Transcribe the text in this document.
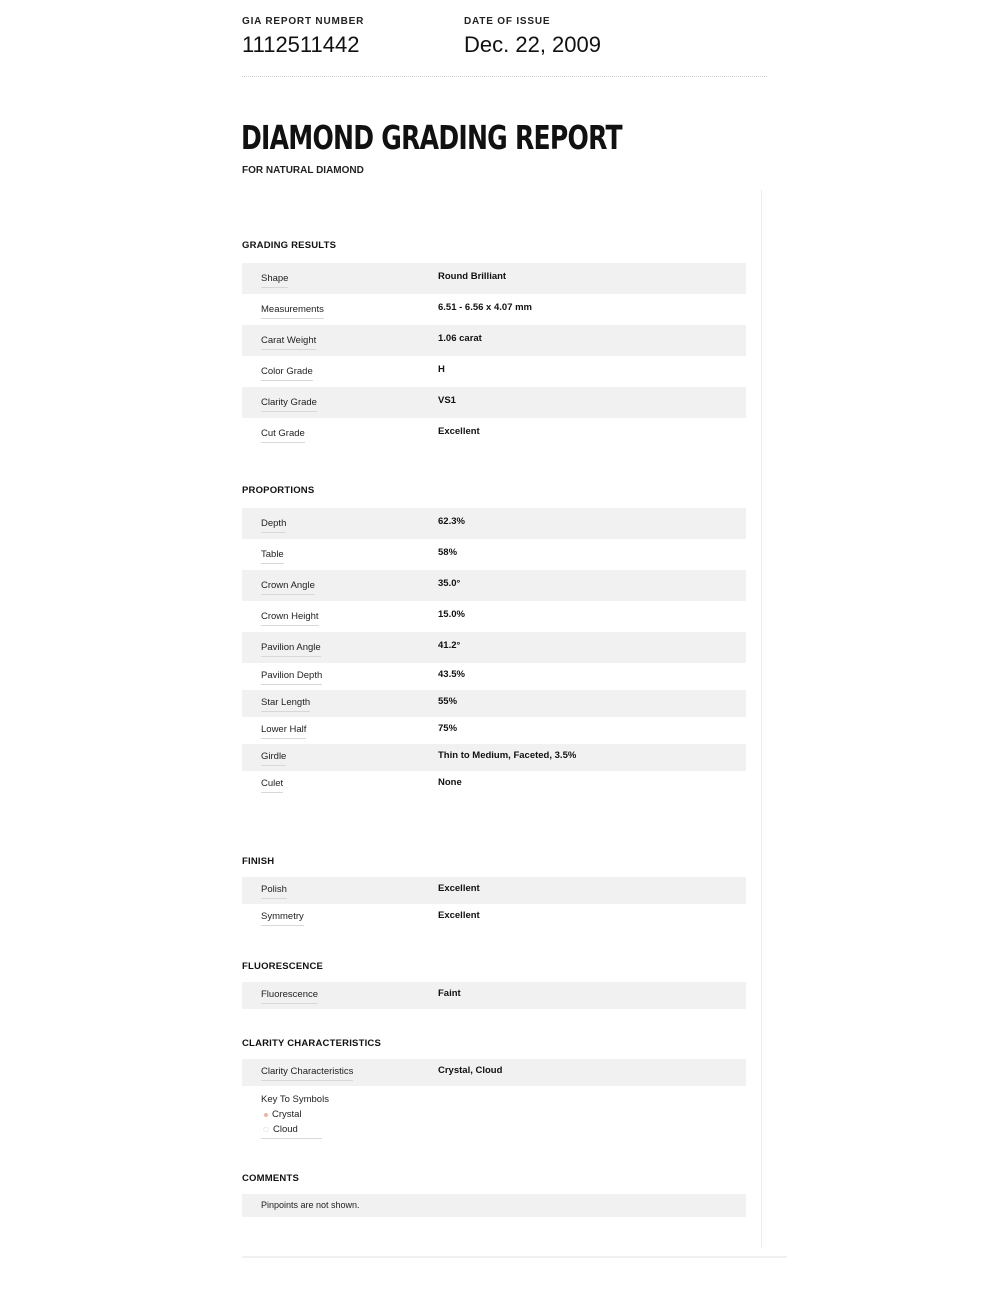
GIA REPORT NUMBER
1112511442
DATE OF ISSUE
Dec. 22, 2009
DIAMOND GRADING REPORT
FOR NATURAL DIAMOND
GRADING RESULTS
Shape	Round Brilliant
Measurements	6.51 - 6.56 x 4.07 mm
Carat Weight	1.06 carat
Color Grade	H
Clarity Grade	VS1
Cut Grade	Excellent
PROPORTIONS
Depth	62.3%
Table	58%
Crown Angle	35.0°
Crown Height	15.0%
Pavilion Angle	41.2°
Pavilion Depth	43.5%
Star Length	55%
Lower Half	75%
Girdle	Thin to Medium, Faceted, 3.5%
Culet	None
FINISH
Polish	Excellent
Symmetry	Excellent
FLUORESCENCE
Fluorescence	Faint
CLARITY CHARACTERISTICS
Clarity Characteristics	Crystal, Cloud
Key To Symbols
Crystal
Cloud
COMMENTS
Pinpoints are not shown.
